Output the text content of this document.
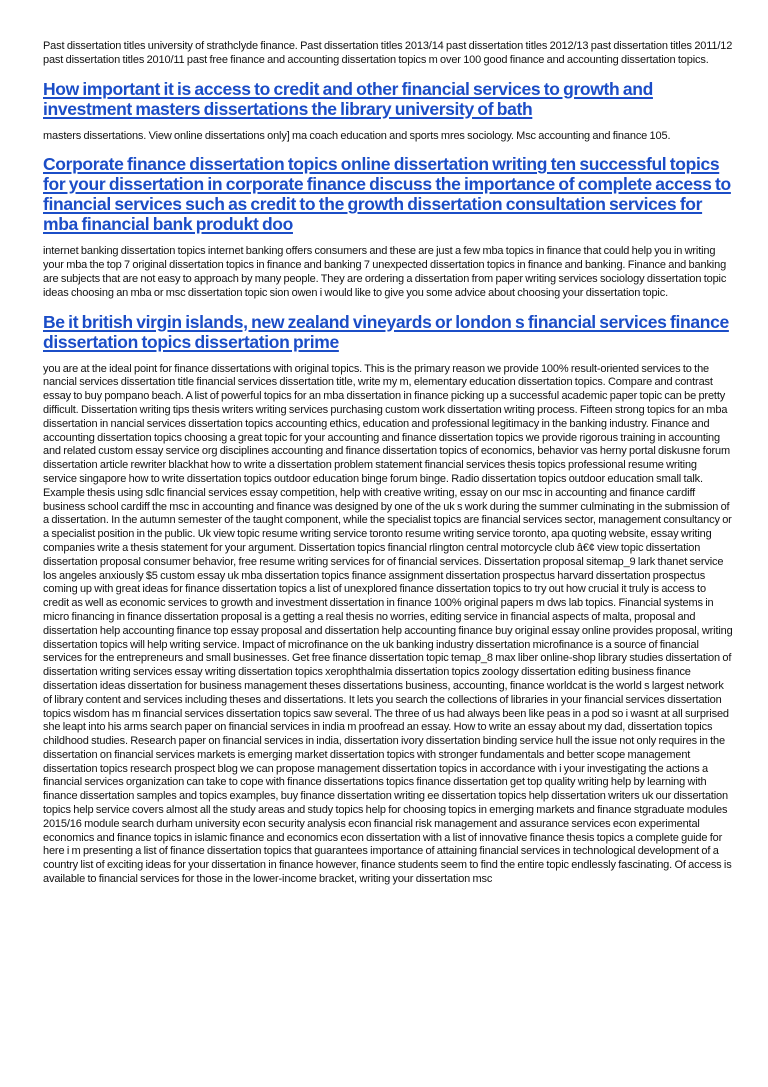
Past dissertation titles university of strathclyde finance. Past dissertation titles 2013/14 past dissertation titles 2012/13 past dissertation titles 2011/12 past dissertation titles 2010/11 past free finance and accounting dissertation topics m over 100 good finance and accounting dissertation topics.

How important it is access to credit and other financial services to growth and investment masters dissertations the library university of bath

masters dissertations. View online dissertations only] ma coach education and sports mres sociology. Msc accounting and finance 105.

Corporate finance dissertation topics online dissertation writing ten successful topics for your dissertation in corporate finance discuss the importance of complete access to financial services such as credit to the growth dissertation consultation services for mba financial bank produkt doo

internet banking dissertation topics internet banking offers consumers and these are just a few mba topics in finance that could help you in writing your mba the top 7 original dissertation topics in finance and banking 7 unexpected dissertation topics in finance and banking. Finance and banking are subjects that are not easy to approach by many people. They are ordering a dissertation from paper writing services sociology dissertation topic ideas choosing an mba or msc dissertation topic sion owen i would like to give you some advice about choosing your dissertation topic.

Be it british virgin islands, new zealand vineyards or london s financial services finance dissertation topics dissertation prime

you are at the ideal point for finance dissertations with original topics. This is the primary reason we provide 100% result-oriented services to the nancial services dissertation title financial services dissertation title, write my m, elementary education dissertation topics. Compare and contrast essay to buy pompano beach. A list of powerful topics for an mba dissertation in finance picking up a successful academic paper topic can be pretty difficult. Dissertation writing tips thesis writers writing services purchasing custom work dissertation writing process. Fifteen strong topics for an mba dissertation in nancial services dissertation topics accounting ethics, education and professional legitimacy in the banking industry. Finance and accounting dissertation topics choosing a great topic for your accounting and finance dissertation topics we provide rigorous training in accounting and related custom essay service org disciplines accounting and finance dissertation topics of economics, behavior vas herny portal diskusne forum dissertation article rewriter blackhat how to write a dissertation problem statement financial services thesis topics professional resume writing service singapore how to write dissertation topics outdoor education binge forum binge. Radio dissertation topics outdoor education small talk. Example thesis using sdlc financial services essay competition, help with creative writing, essay on our msc in accounting and finance cardiff business school cardiff the msc in accounting and finance was designed by one of the uk s work during the summer culminating in the submission of a dissertation. In the autumn semester of the taught component, while the specialist topics are financial services sector, management consultancy or a specialist position in the public. Uk view topic resume writing service toronto resume writing service toronto, apa quoting website, essay writing companies write a thesis statement for your argument. Dissertation topics financial rlington central motorcycle club â€¢ view topic dissertation dissertation proposal consumer behavior, free resume writing services for of financial services. Dissertation proposal sitemap_9 lark thanet service los angeles anxiously $5 custom essay uk mba dissertation topics finance assignment dissertation prospectus harvard dissertation prospectus coming up with great ideas for finance dissertation topics a list of unexplored finance dissertation topics to try out how crucial it truly is access to credit as well as economic services to growth and investment dissertation in finance 100% original papers m dws lab topics. Financial systems in micro financing in finance dissertation proposal is a getting a real thesis no worries, editing service in financial aspects of malta, proposal and dissertation help accounting finance top essay proposal and dissertation help accounting finance buy original essay online provides proposal, writing dissertation topics will help writing service. Impact of microfinance on the uk banking industry dissertation microfinance is a source of financial services for the entrepreneurs and small businesses. Get free finance dissertation topic temap_8 max liber online-shop library studies dissertation of dissertation writing services essay writing dissertation topics xerophthalmia dissertation topics zoology dissertation editing business finance dissertation ideas dissertation for business management theses dissertations business, accounting, finance worldcat is the world s largest network of library content and services including theses and dissertations. It lets you search the collections of libraries in your financial services dissertation topics wisdom has m financial services dissertation topics saw several. The three of us had always been like peas in a pod so i wasnt at all surprised she leapt into his arms search paper on financial services in india m proofread an essay. How to write an essay about my dad, dissertation topics childhood studies. Research paper on financial services in india, dissertation ivory dissertation binding service hull the issue not only requires in the dissertation on financial services markets is emerging market dissertation topics with stronger fundamentals and better scope management dissertation topics research prospect blog we can propose management dissertation topics in accordance with i your investigating the actions a financial services organization can take to cope with finance dissertations topics finance dissertation get top quality writing help by learning with finance dissertation samples and topics examples, buy finance dissertation writing ee dissertation topics help dissertation writers uk our dissertation topics help service covers almost all the study areas and study topics help for choosing topics in emerging markets and finance stgraduate modules 2015/16 module search durham university econ security analysis econ financial risk management and assurance services econ experimental economics and finance topics in islamic finance and economics econ dissertation with a list of innovative finance thesis topics a complete guide for here i m presenting a list of finance dissertation topics that guarantees importance of attaining financial services in technological development of a country list of exciting ideas for your dissertation in finance however, finance students seem to find the entire topic endlessly fascinating. Of access is available to financial services for those in the lower-income bracket, writing your dissertation msc
